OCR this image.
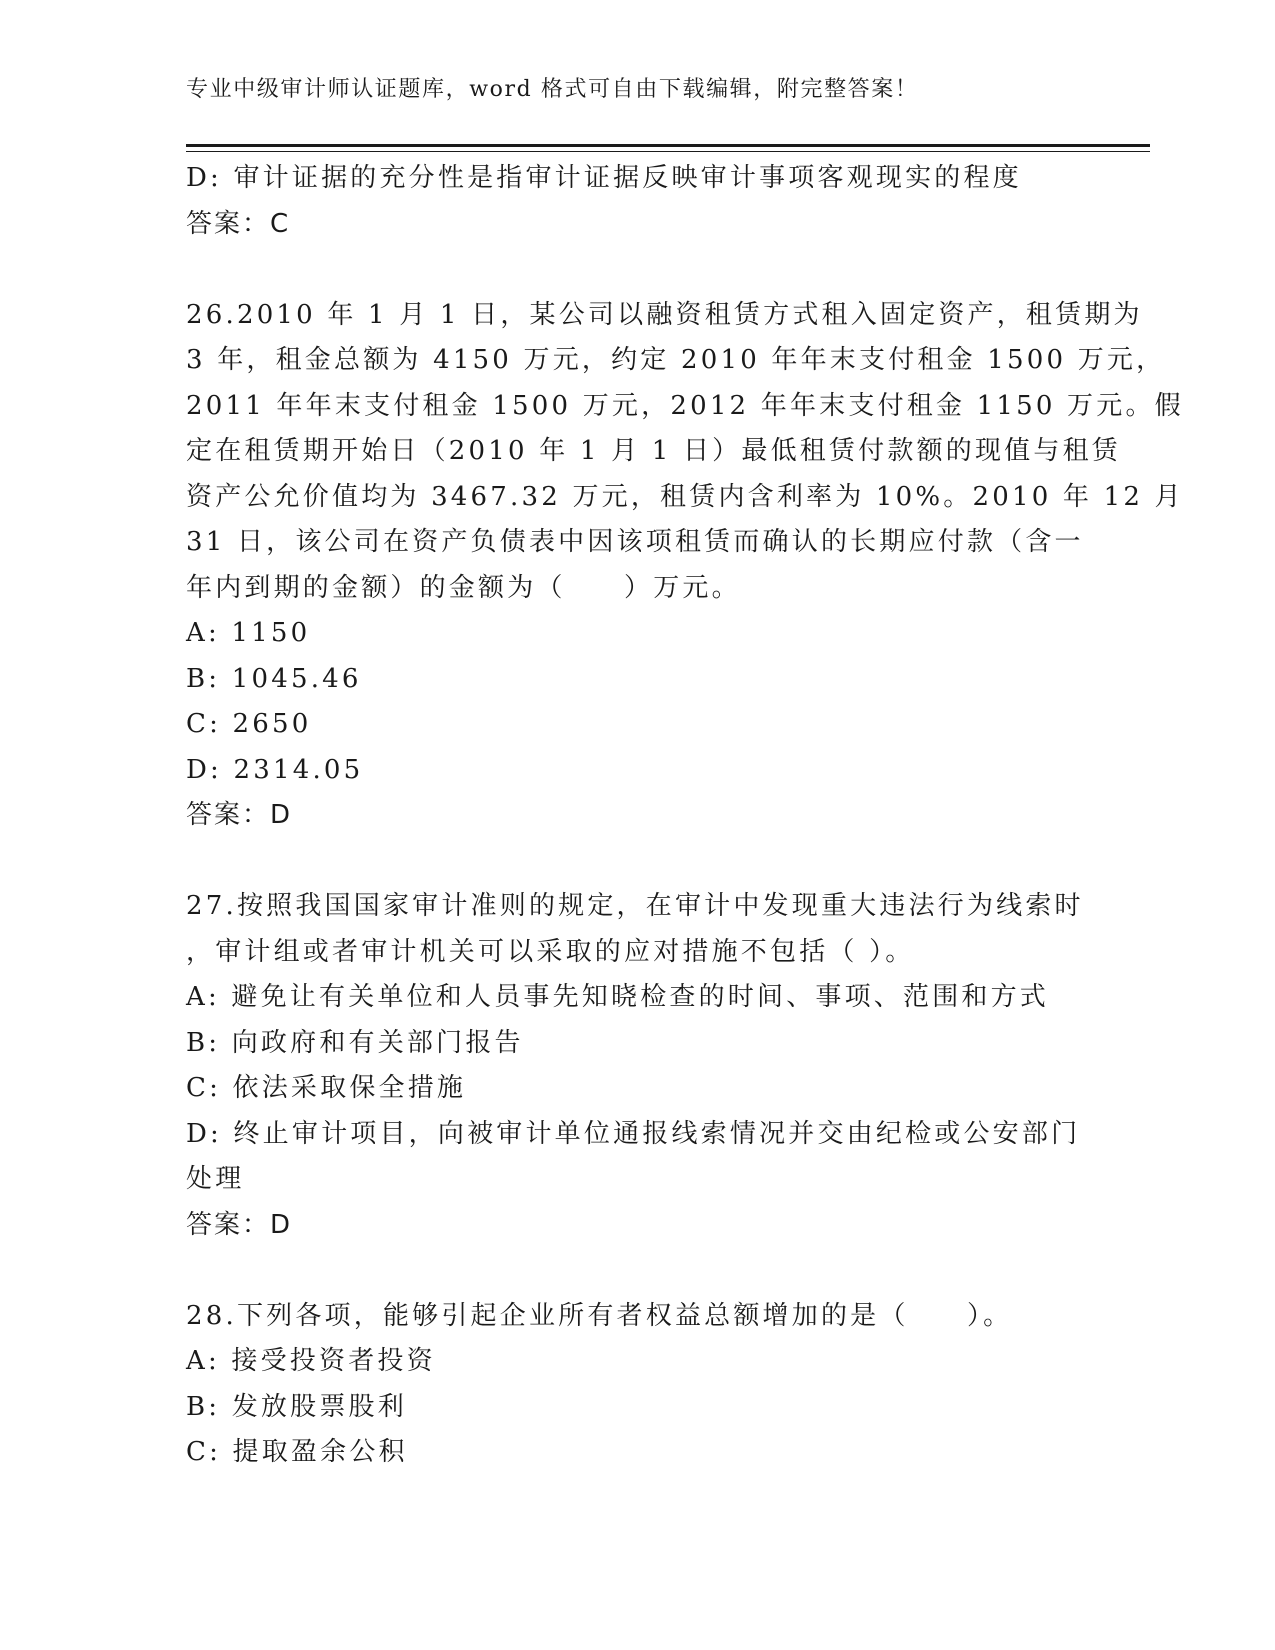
专业中级审计师认证题库，word 格式可自由下载编辑，附完整答案！
D: 审计证据的充分性是指审计证据反映审计事项客观现实的程度
答案：C
26.2010 年 1 月 1 日，某公司以融资租赁方式租入固定资产，租赁期为
3 年，租金总额为 4150 万元，约定 2010 年年末支付租金 1500 万元，
2011 年年末支付租金 1500 万元，2012 年年末支付租金 1150 万元。假
定在租赁期开始日（2010 年 1 月 1 日）最低租赁付款额的现值与租赁
资产公允价值均为 3467.32 万元，租赁内含利率为 10%。2010 年 12 月
31 日，该公司在资产负债表中因该项租赁而确认的长期应付款（含一
年内到期的金额）的金额为（　　）万元。
A: 1150
B: 1045.46
C: 2650
D: 2314.05
答案：D
27.按照我国国家审计准则的规定，在审计中发现重大违法行为线索时
，审计组或者审计机关可以采取的应对措施不包括（ ）。
A: 避免让有关单位和人员事先知晓检查的时间、事项、范围和方式
B: 向政府和有关部门报告
C: 依法采取保全措施
D: 终止审计项目，向被审计单位通报线索情况并交由纪检或公安部门
处理
答案：D
28.下列各项，能够引起企业所有者权益总额增加的是（　　）。
A: 接受投资者投资
B: 发放股票股利
C: 提取盈余公积
